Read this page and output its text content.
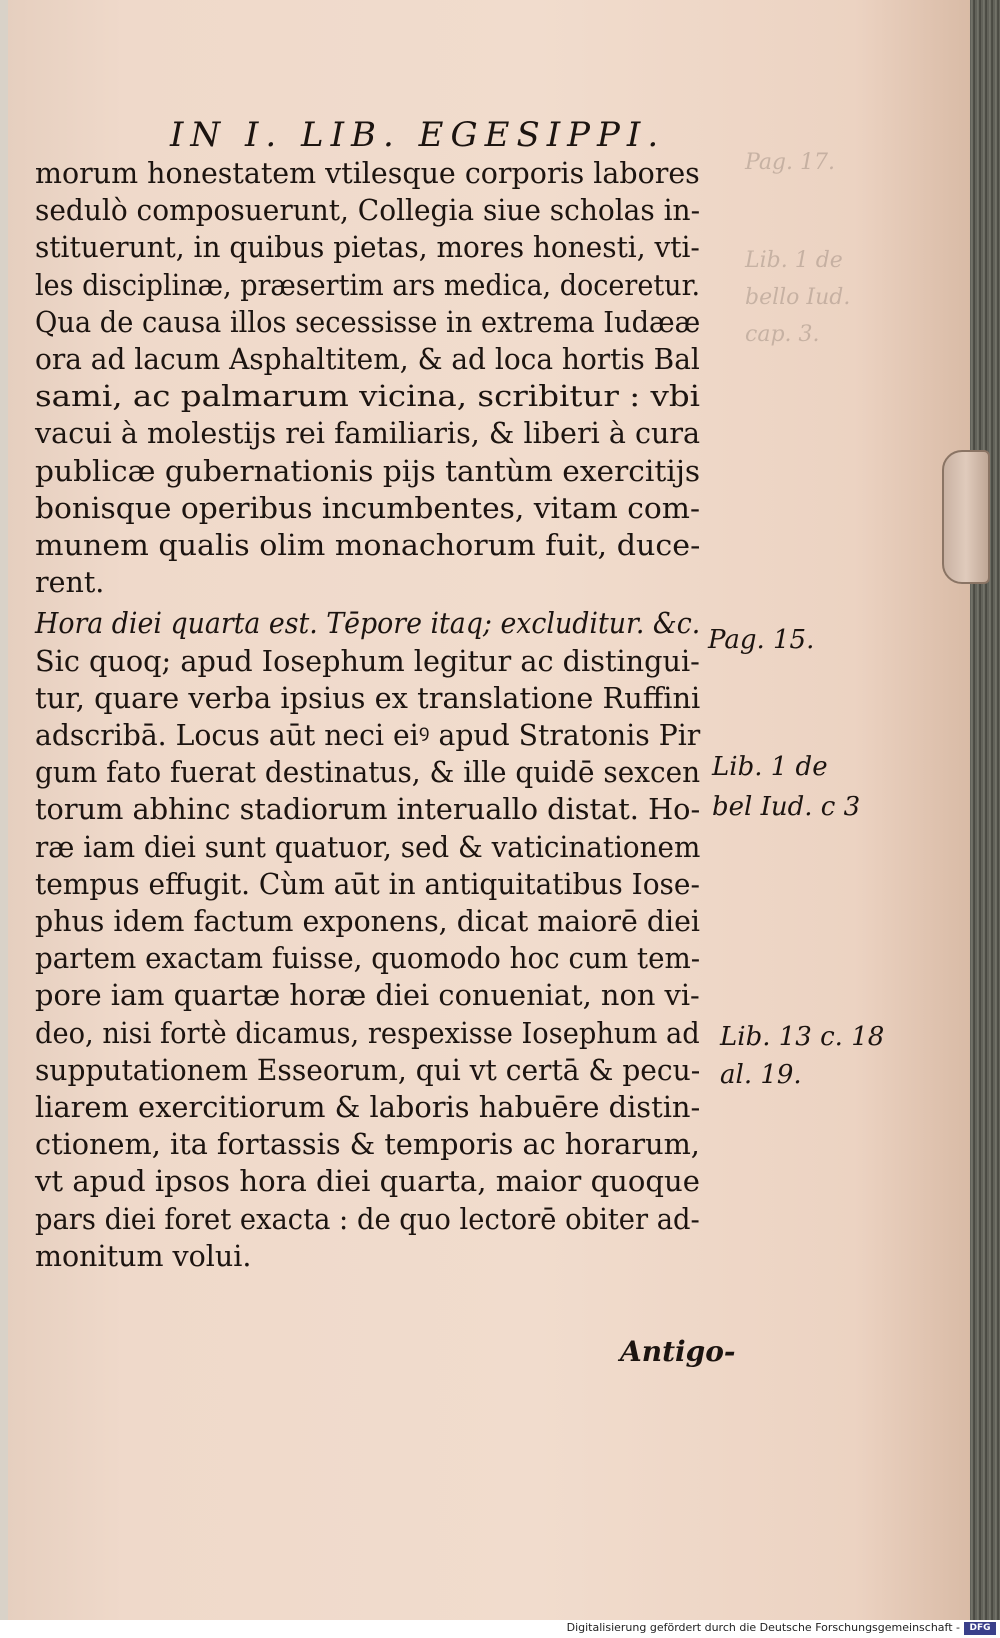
Pag. 17.
Lib. 1 de
bello Iud.
cap. 3.
IN I. LIB. EGESIPPI.
morum honestatem vtilesque corporis labores
sedulò composuerunt, Collegia siue scholas in-
stituerunt, in quibus pietas, mores honesti, vti-
les disciplinæ, præsertim ars medica, doceretur.
Qua de causa illos secessisse in extrema Iudææ
ora ad lacum Asphaltitem, & ad loca hortis Bal
sami, ac palmarum vicina, scribitur : vbi
vacui à molestijs rei familiaris, & liberi à cura
publicæ gubernationis pijs tantùm exercitijs
bonisque operibus incumbentes, vitam com-
munem qualis olim monachorum fuit, duce-
rent.
Hora diei quarta est. Tēpore itaq; excluditur. &c.
Sic quoq; apud Iosephum legitur ac distingui-
tur, quare verba ipsius ex translatione Ruffini
adscribā. Locus aūt neci eiꝰ apud Stratonis Pir
gum fato fuerat destinatus, & ille quidē sexcen
torum abhinc stadiorum interuallo distat. Ho-
ræ iam diei sunt quatuor, sed & vaticinationem
tempus effugit. Cùm aūt in antiquitatibus Iose-
phus idem factum exponens, dicat maiorē diei
partem exactam fuisse, quomodo hoc cum tem-
pore iam quartæ horæ diei conueniat, non vi-
deo, nisi fortè dicamus, respexisse Iosephum ad
supputationem Esseorum, qui vt certā & pecu-
liarem exercitiorum & laboris habuēre distin-
ctionem, ita fortassis & temporis ac horarum,
vt apud ipsos hora diei quarta, maior quoque
pars diei foret exacta : de quo lectorē obiter ad-
monitum volui.
Pag. 15.
Lib. 1 de
bel Iud. c 3
Lib. 13 c. 18
al. 19.
Antigo-
Digitalisierung gefördert durch die Deutsche Forschungsgemeinschaft -	DFG
